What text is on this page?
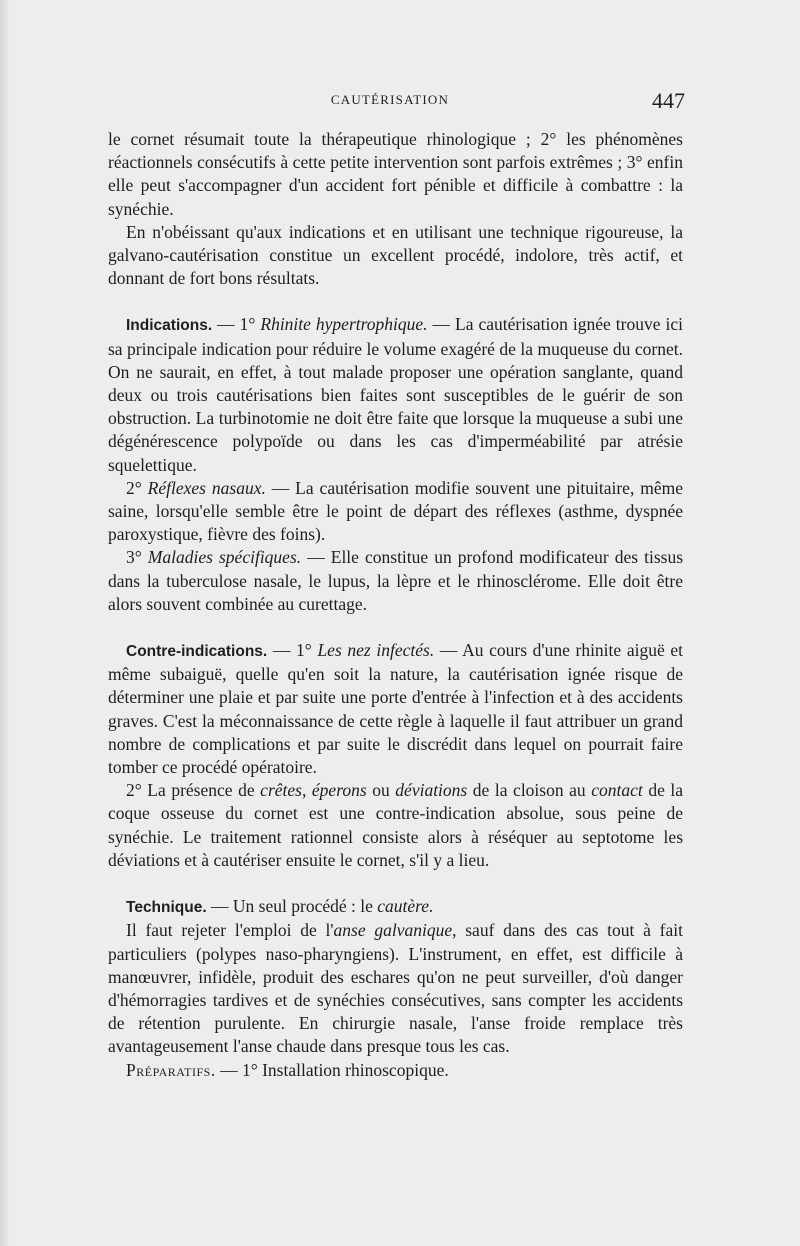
CAUTÉRISATION	447

le cornet résumait toute la thérapeutique rhinologique ; 2° les phénomènes réactionnels consécutifs à cette petite intervention sont parfois extrêmes ; 3° enfin elle peut s'accompagner d'un accident fort pénible et difficile à combattre : la synéchie.

En n'obéissant qu'aux indications et en utilisant une technique rigoureuse, la galvano-cautérisation constitue un excellent procédé, indolore, très actif, et donnant de fort bons résultats.

Indications. — 1° Rhinite hypertrophique. — La cautérisation ignée trouve ici sa principale indication pour réduire le volume exagéré de la muqueuse du cornet. On ne saurait, en effet, à tout malade proposer une opération sanglante, quand deux ou trois cautérisations bien faites sont susceptibles de le guérir de son obstruction. La turbinotomie ne doit être faite que lorsque la muqueuse a subi une dégénérescence polypoïde ou dans les cas d'imperméabilité par atrésie squelettique.

2° Réflexes nasaux. — La cautérisation modifie souvent une pituitaire, même saine, lorsqu'elle semble être le point de départ des réflexes (asthme, dyspnée paroxystique, fièvre des foins).

3° Maladies spécifiques. — Elle constitue un profond modificateur des tissus dans la tuberculose nasale, le lupus, la lèpre et le rhinosclérome. Elle doit être alors souvent combinée au curettage.

Contre-indications. — 1° Les nez infectés. — Au cours d'une rhinite aiguë et même subaiguë, quelle qu'en soit la nature, la cautérisation ignée risque de déterminer une plaie et par suite une porte d'entrée à l'infection et à des accidents graves. C'est la méconnaissance de cette règle à laquelle il faut attribuer un grand nombre de complications et par suite le discrédit dans lequel on pourrait faire tomber ce procédé opératoire.

2° La présence de crêtes, éperons ou déviations de la cloison au contact de la coque osseuse du cornet est une contre-indication absolue, sous peine de synéchie. Le traitement rationnel consiste alors à réséquer au septotome les déviations et à cautériser ensuite le cornet, s'il y a lieu.

Technique. — Un seul procédé : le cautère.

Il faut rejeter l'emploi de l'anse galvanique, sauf dans des cas tout à fait particuliers (polypes naso-pharyngiens). L'instrument, en effet, est difficile à manœuvrer, infidèle, produit des eschares qu'on ne peut surveiller, d'où danger d'hémorragies tardives et de synéchies consécutives, sans compter les accidents de rétention purulente. En chirurgie nasale, l'anse froide remplace très avantageusement l'anse chaude dans presque tous les cas.

Préparatifs. — 1° Installation rhinoscopique.
